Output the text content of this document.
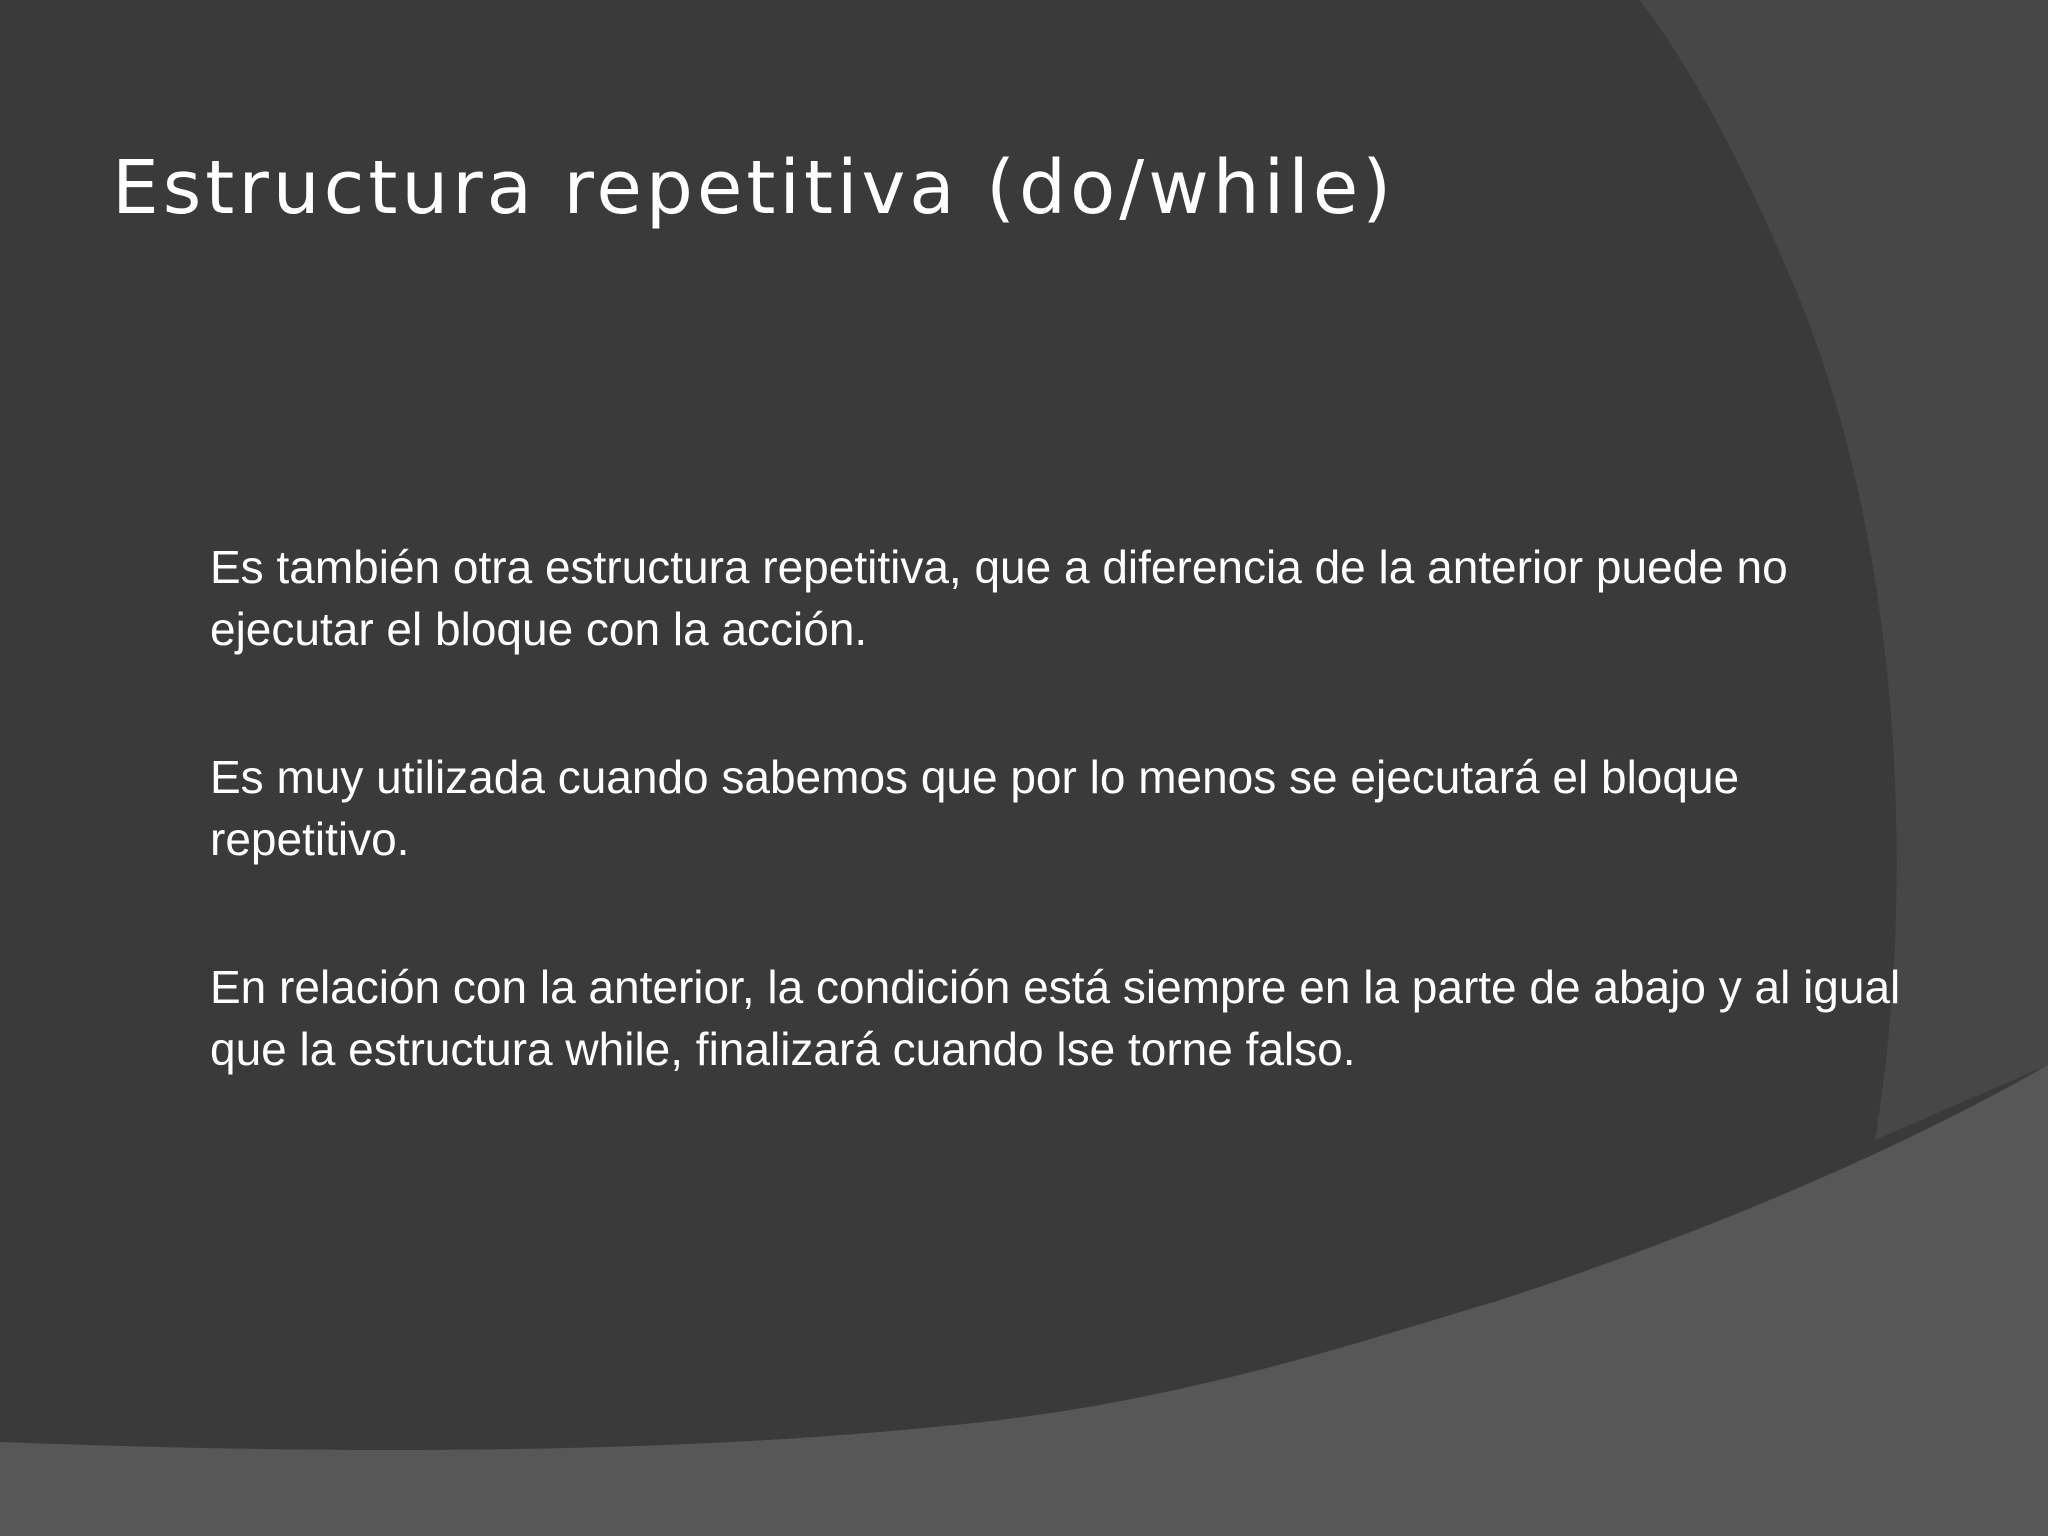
Estructura repetitiva (do/while)

Es también otra estructura repetitiva, que a diferencia de la anterior puede no ejecutar el bloque con la acción.

Es muy utilizada cuando sabemos que por lo menos se ejecutará el bloque repetitivo.

En relación con la anterior, la condición está siempre en la parte de abajo y al igual que la estructura while, finalizará cuando lse torne falso.
